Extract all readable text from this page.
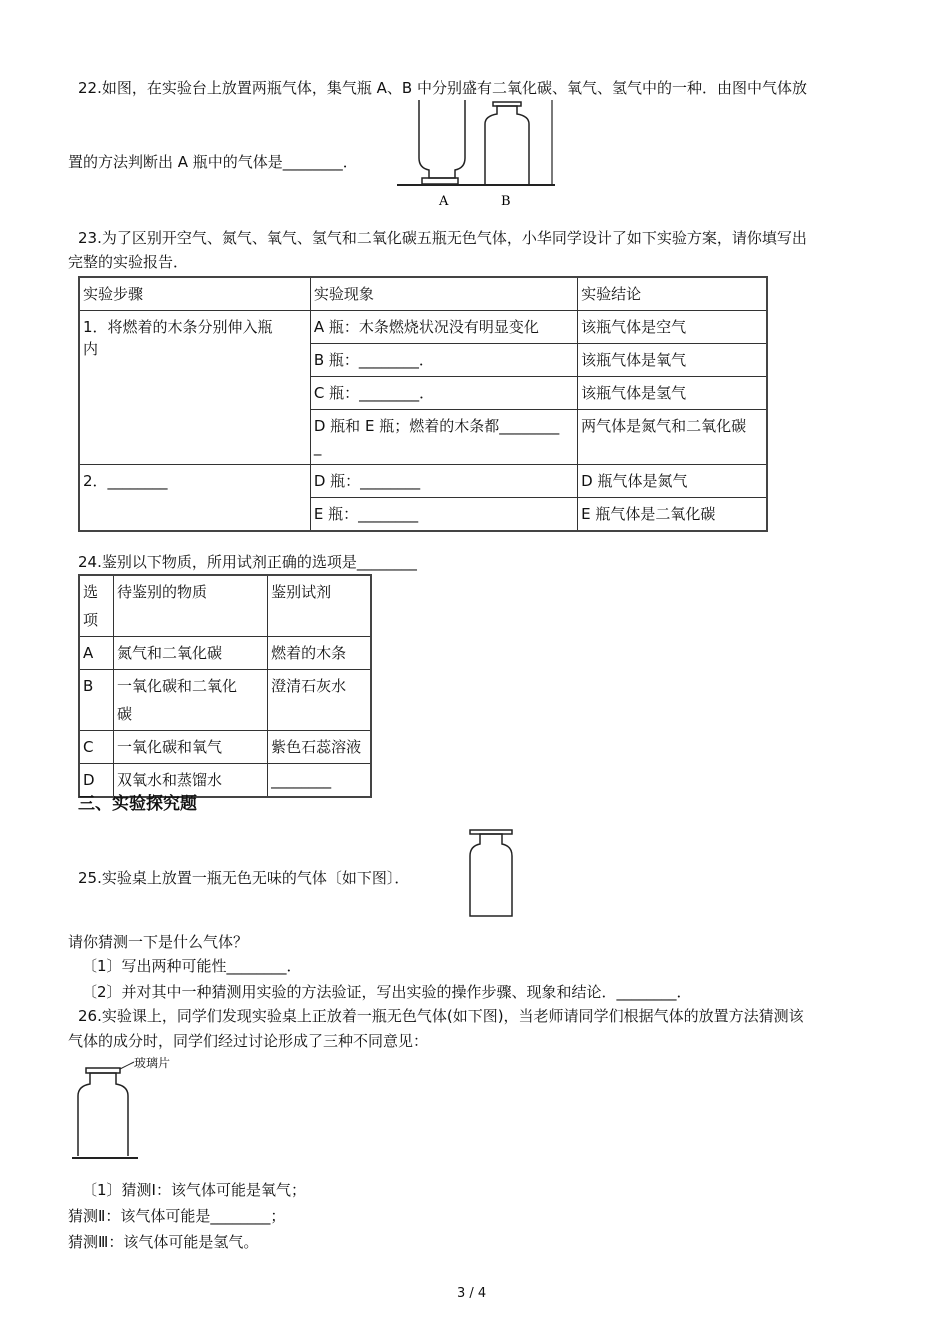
22.如图，在实验台上放置两瓶气体，集气瓶 A、B 中分别盛有二氧化碳、氧气、氢气中的一种．由图中气体放
A	B
置的方法判断出 A 瓶中的气体是________．
23.为了区别开空气、氮气、氧气、氢气和二氧化碳五瓶无色气体，小华同学设计了如下实验方案，请你填写出
完整的实验报告．
实验步骤	实验现象	实验结论

1．将燃着的木条分别伸入瓶
内	A 瓶：木条燃烧状况没有明显变化	该瓶气体是空气
	B 瓶：________．	该瓶气体是氧气
	C 瓶：________．	该瓶气体是氢气
	D 瓶和 E 瓶；燃着的木条都________
_	两气体是氮气和二氧化碳
2．________	D 瓶：________	D 瓶气体是氮气
	E 瓶：________	E 瓶气体是二氧化碳
24.鉴别以下物质，所用试剂正确的选项是________
选项	待鉴别的物质	鉴别试剂
A	氮气和二氧化碳	燃着的木条
B	一氧化碳和二氧化
碳	澄清石灰水
C	一氧化碳和氧气	紫色石蕊溶液
D	双氧水和蒸馏水	________
三、实验探究题
25.实验桌上放置一瓶无色无味的气体〔如下图〕．
请你猜测一下是什么气体？
〔1〕写出两种可能性________．
〔2〕并对其中一种猜测用实验的方法验证，写出实验的操作步骤、现象和结论．________．
26.实验课上，同学们发现实验桌上正放着一瓶无色气体(如下图)，当老师请同学们根据气体的放置方法猜测该
气体的成分时，同学们经过讨论形成了三种不同意见：
玻璃片
〔1〕猜测Ⅰ：该气体可能是氧气；
猜测Ⅱ：该气体可能是________；
猜测Ⅲ：该气体可能是氢气。
3 / 4
